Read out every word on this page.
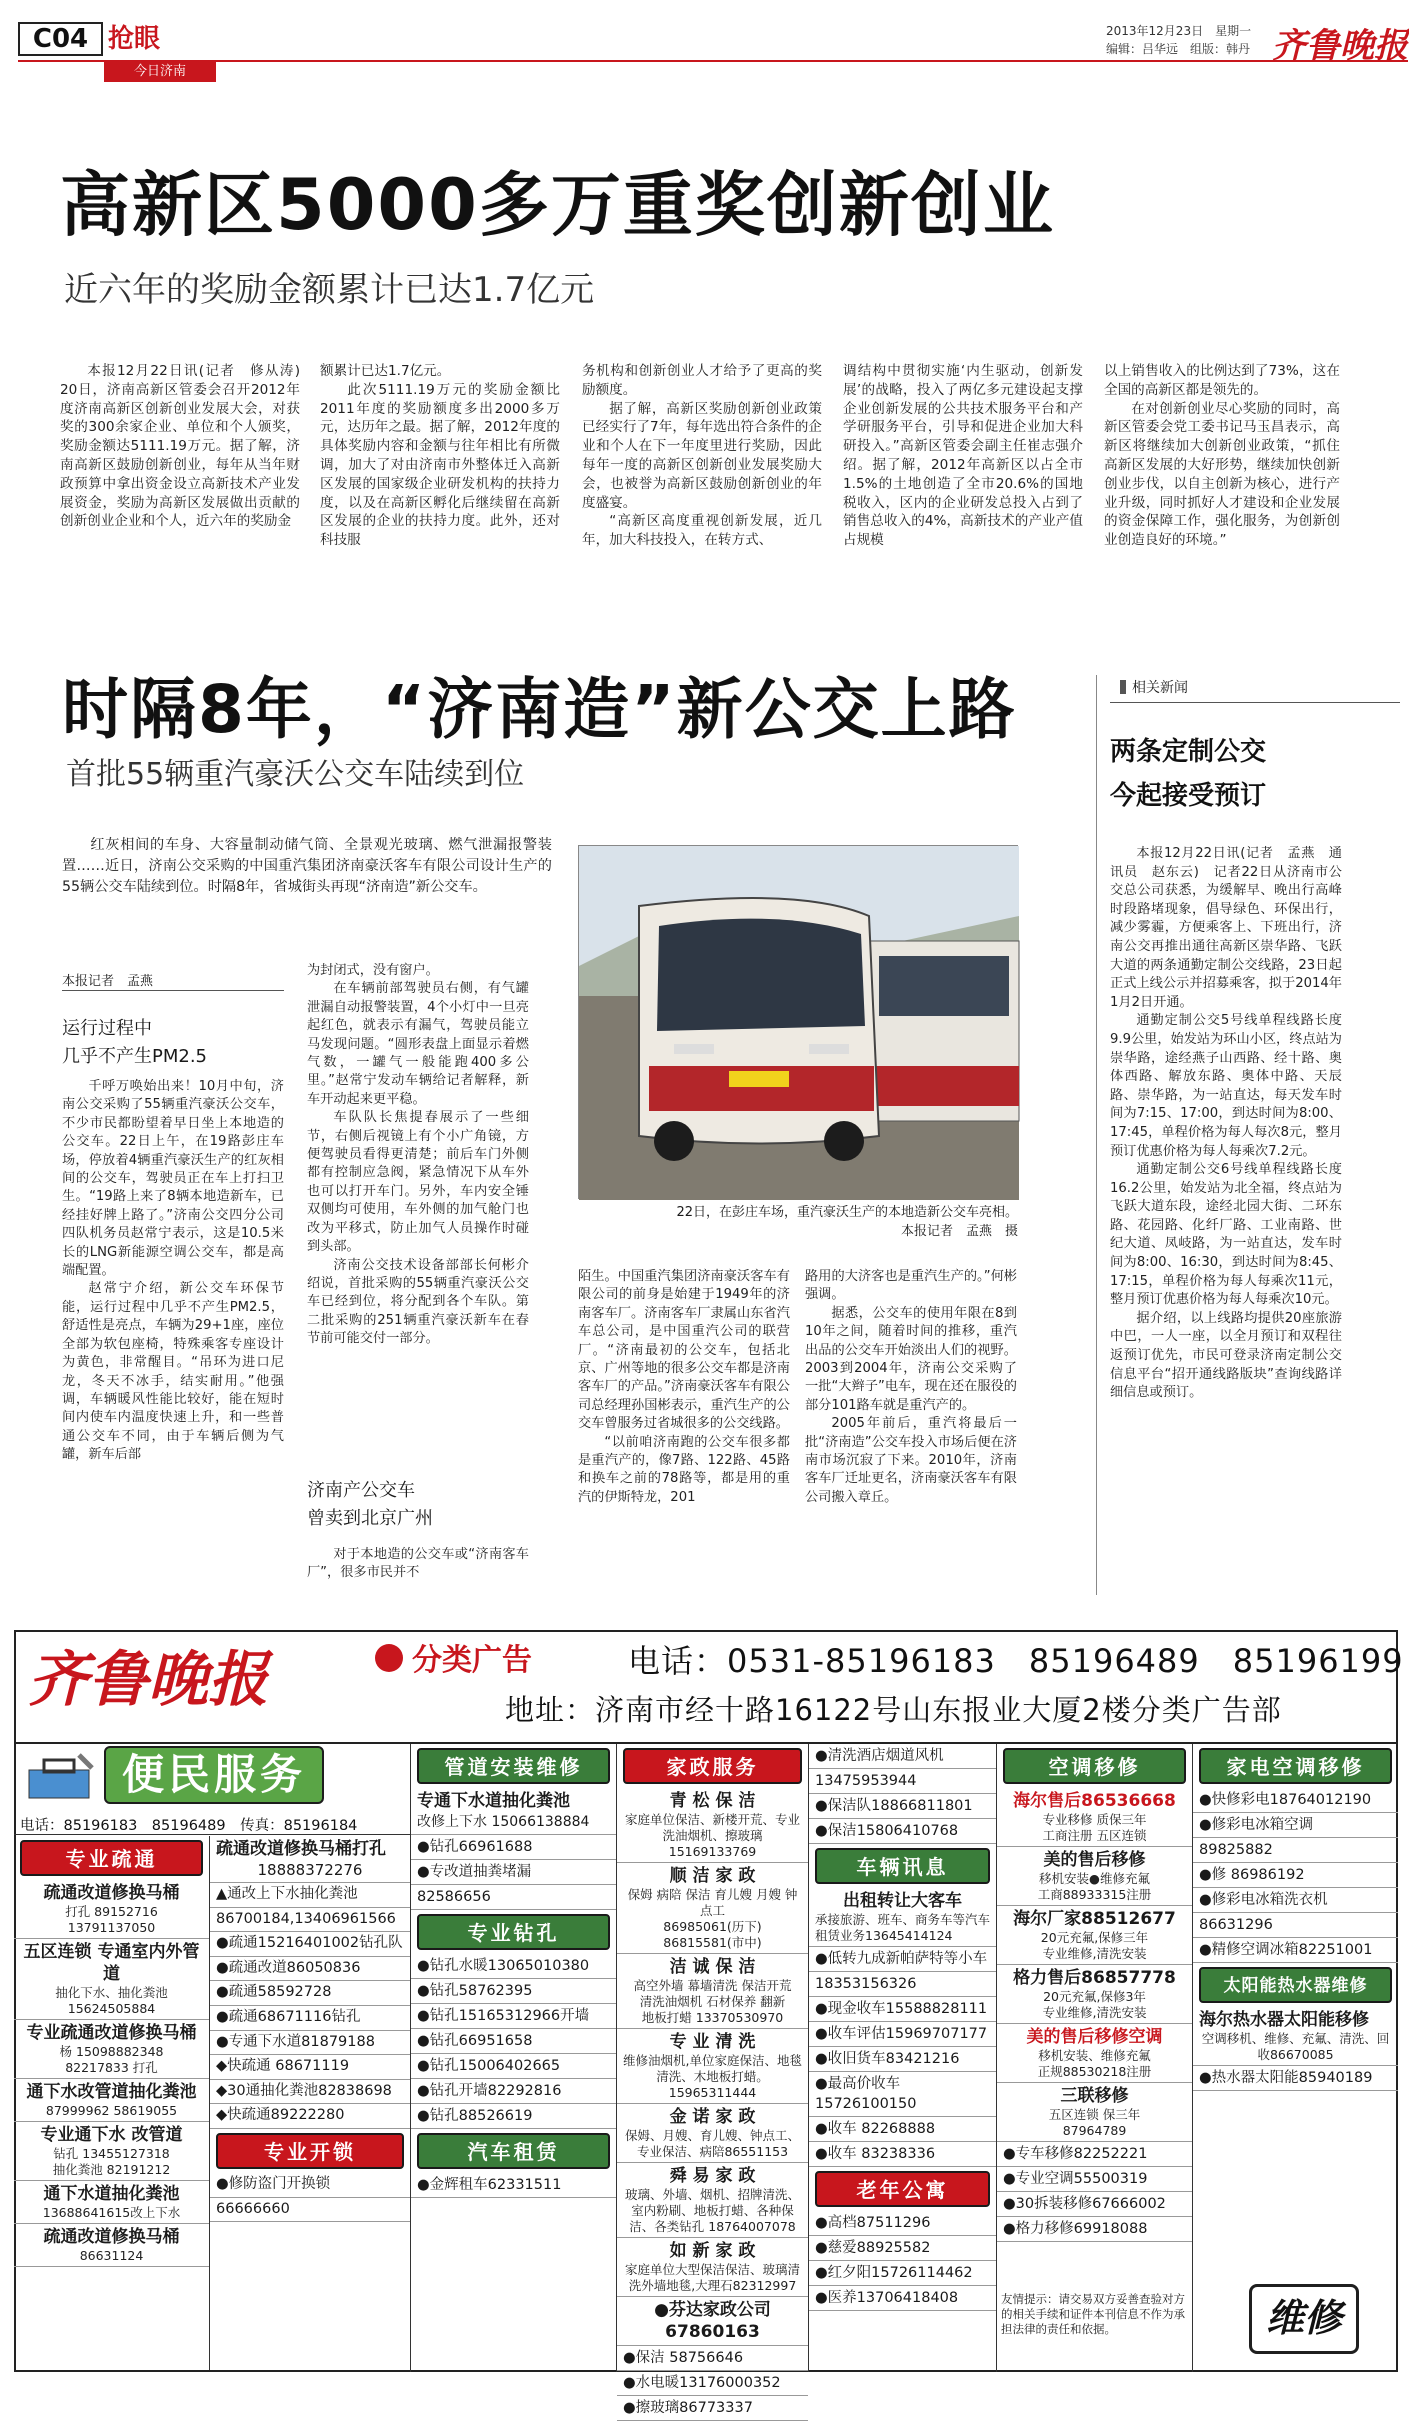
C04 抢眼
今日济南
2013年12月23日　星期一
编辑：吕华远　组版：韩丹 齐鲁晚报
高新区5000多万重奖创新创业
近六年的奖励金额累计已达1.7亿元

本报12月22日讯(记者　修从涛)　20日，济南高新区管委会召开2012年度济南高新区创新创业发展大会，对获奖的300余家企业、单位和个人颁奖，奖励金额达5111.19万元。据了解，济南高新区鼓励创新创业，每年从当年财政预算中拿出资金设立高新技术产业发展资金，奖励为高新区发展做出贡献的创新创业企业和个人，近六年的奖励金

额累计已达1.7亿元。

此次5111.19万元的奖励金额比2011年度的奖励额度多出2000多万元，达历年之最。据了解，2012年度的具体奖励内容和金额与往年相比有所微调，加大了对由济南市外整体迁入高新区发展的国家级企业研发机构的扶持力度，以及在高新区孵化后继续留在高新区发展的企业的扶持力度。此外，还对科技服

务机构和创新创业人才给予了更高的奖励额度。

据了解，高新区奖励创新创业政策已经实行了7年，每年选出符合条件的企业和个人在下一年度里进行奖励，因此每年一度的高新区创新创业发展奖励大会，也被誉为高新区鼓励创新创业的年度盛宴。

“高新区高度重视创新发展，近几年，加大科技投入，在转方式、

调结构中贯彻实施‘内生驱动，创新发展’的战略，投入了两亿多元建设起支撑企业创新发展的公共技术服务平台和产学研服务平台，引导和促进企业加大科研投入。”高新区管委会副主任崔志强介绍。据了解，2012年高新区以占全市1.5%的土地创造了全市20.6%的国地税收入，区内的企业研发总投入占到了销售总收入的4%，高新技术的产业产值占规模

以上销售收入的比例达到了73%，这在全国的高新区都是领先的。

在对创新创业尽心奖励的同时，高新区管委会党工委书记马玉昌表示，高新区将继续加大创新创业政策，“抓住高新区发展的大好形势，继续加快创新创业步伐，以自主创新为核心，进行产业升级，同时抓好人才建设和企业发展的资金保障工作，强化服务，为创新创业创造良好的环境。”

时隔8年，“济南造”新公交上路
首批55辆重汽豪沃公交车陆续到位

红灰相间的车身、大容量制动储气筒、全景观光玻璃、燃气泄漏报警装置……近日，济南公交采购的中国重汽集团济南豪沃客车有限公司设计生产的55辆公交车陆续到位。时隔8年，省城街头再现“济南造”新公交车。

本报记者　孟燕
运行过程中
几乎不产生PM2.5

千呼万唤始出来！10月中旬，济南公交采购了55辆重汽豪沃公交车，不少市民都盼望着早日坐上本地造的公交车。22日上午，在19路彭庄车场，停放着4辆重汽豪沃生产的红灰相间的公交车，驾驶员正在车上打扫卫生。“19路上来了8辆本地造新车，已经挂好牌上路了。”济南公交四分公司四队机务员赵常宁表示，这是10.5米长的LNG新能源空调公交车，都是高端配置。

赵常宁介绍，新公交车环保节能，运行过程中几乎不产生PM2.5，舒适性是亮点，车辆为29+1座，座位全部为软包座椅，特殊乘客专座设计为黄色，非常醒目。“吊环为进口尼龙，冬天不冰手，结实耐用。”他强调，车辆暖风性能比较好，能在短时间内使车内温度快速上升，和一些普通公交车不同，由于车辆后侧为气罐，新车后部

为封闭式，没有窗户。

在车辆前部驾驶员右侧，有气罐泄漏自动报警装置，4个小灯中一旦亮起红色，就表示有漏气，驾驶员能立马发现问题。“圆形表盘上面显示着燃气数，一罐气一般能跑400多公里。”赵常宁发动车辆给记者解释，新车开动起来更平稳。

车队队长焦提春展示了一些细节，右侧后视镜上有个小广角镜，方便驾驶员看得更清楚；前后车门外侧都有控制应急阀，紧急情况下从车外也可以打开车门。另外，车内安全锤双侧均可使用，车外侧的加气舱门也改为平移式，防止加气人员操作时碰到头部。

济南公交技术设备部部长何彬介绍说，首批采购的55辆重汽豪沃公交车已经到位，将分配到各个车队。第二批采购的251辆重汽豪沃新车在春节前可能交付一部分。

济南产公交车
曾卖到北京广州

对于本地造的公交车或“济南客车厂”，很多市民并不

22日，在彭庄车场，重汽豪沃生产的本地造新公交车亮相。
本报记者　孟燕　摄

陌生。中国重汽集团济南豪沃客车有限公司的前身是始建于1949年的济南客车厂。济南客车厂隶属山东省汽车总公司，是中国重汽公司的联营厂。“济南最初的公交车，包括北京、广州等地的很多公交车都是济南客车厂的产品。”济南豪沃客车有限公司总经理孙国彬表示，重汽生产的公交车曾服务过省城很多的公交线路。

“以前咱济南跑的公交车很多都是重汽产的，像7路、122路、45路和换车之前的78路等，都是用的重汽的伊斯特龙，201

路用的大济客也是重汽生产的。”何彬强调。

据悉，公交车的使用年限在8到10年之间，随着时间的推移，重汽出品的公交车开始淡出人们的视野。2003到2004年，济南公交采购了一批“大辫子”电车，现在还在服役的部分101路车就是重汽产的。

2005年前后，重汽将最后一批“济南造”公交车投入市场后便在济南市场沉寂了下来。2010年，济南客车厂迁址更名，济南豪沃客车有限公司搬入章丘。

相关新闻
两条定制公交
今起接受预订

本报12月22日讯(记者　孟燕　通讯员　赵东云)　记者22日从济南市公交总公司获悉，为缓解早、晚出行高峰时段路堵现象，倡导绿色、环保出行，减少雾霾，方便乘客上、下班出行，济南公交再推出通往高新区崇华路、飞跃大道的两条通勤定制公交线路，23日起正式上线公示并招募乘客，拟于2014年1月2日开通。

通勤定制公交5号线单程线路长度9.9公里，始发站为环山小区，终点站为崇华路，途经燕子山西路、经十路、奥体西路、解放东路、奥体中路、天辰路、崇华路，为一站直达，每天发车时间为7:15、17:00，到达时间为8:00、17:45，单程价格为每人每次8元，整月预订优惠价格为每人每乘次7.2元。

通勤定制公交6号线单程线路长度16.2公里，始发站为北全福，终点站为飞跃大道东段，途经北园大街、二环东路、花园路、化纤厂路、工业南路、世纪大道、凤岐路，为一站直达，发车时间为8:00、16:30，到达时间为8:45、17:15，单程价格为每人每乘次11元，整月预订优惠价格为每人每乘次10元。

据介绍，以上线路均提供20座旅游中巴，一人一座，以全月预订和双程往返预订优先，市民可登录济南定制公交信息平台“招开通线路版块”查询线路详细信息或预订。

齐鲁晚报	分类广告	电话：0531-85196183　85196489　85196199
地址：济南市经十路16122号山东报业大厦2楼分类广告部
便民服务
电话：85196183　85196489　传真：85196184
专业疏通
疏通改道修换马桶
打孔 89152716
13791137050
五区连锁 专通室内外管道
抽化下水、抽化粪池
15624505884
专业疏通改道修换马桶
杨 15098882348
82217833 打孔
通下水改管道抽化粪池
87999962 58619055
专业通下水 改管道
钻孔 13455127318
抽化粪池 82191212
通下水道抽化粪池
13688641615改上下水
疏通改道修换马桶
86631124
疏通改道修换马桶打孔
18888372276
▲通改上下水抽化粪池
86700184,13406961566
●疏通15216401002钻孔队
●疏通改道86050836
●疏通58592728
●疏通68671116钻孔
●专通下水道81879188
◆快疏通 68671119
◆30通抽化粪池82838698
◆快疏通89222280
专业开锁
●修防盗门开换锁
66666660
管道安装维修
专通下水道抽化粪池
改修上下水 15066138884
●钻孔66961688
●专改道抽粪堵漏
82586656
专业钻孔
●钻孔水暖13065010380
●钻孔58762395
●钻孔15165312966开墙
●钻孔66951658
●钻孔15006402665
●钻孔开墙82292816
●钻孔88526619
汽车租赁
●金辉租车62331511
家政服务
青 松 保 洁
家庭单位保洁、新楼开荒、专业洗油烟机、擦玻璃15169133769
顺 洁 家 政
保姆 病陪 保洁 育儿嫂 月嫂 钟点工
86985061(历下) 86815581(市中)
洁 诚 保 洁
高空外墙 幕墙清洗 保洁开荒
清洗油烟机 石材保养 翻新
地板打蜡 13370530970
专 业 清 洗
维修油烟机,单位家庭保洁、地毯清洗、木地板打蜡。
15965311444
金 诺 家 政
保姆、月嫂、育儿嫂、钟点工、专业保洁、病陪86551153
舜 易 家 政
玻璃、外墙、烟机、招牌清洗、室内粉刷、地板打蜡、各种保洁、各类钻孔 18764007078
如 新 家 政
家庭单位大型保洁保洁、玻璃清洗外墙地毯,大理石82312997
●芬达家政公司67860163
●保洁 58756646
●水电暖13176000352
●擦玻璃86773337
●清洗酒店烟道风机
13475953944
●保洁队18866811801
●保洁15806410768
车辆讯息
出租转让大客车
承接旅游、班车、商务车等汽车租赁业务13645414124
●低转九成新帕萨特等小车
18353156326
●现金收车15588828111
●收车评估15969707177
●收旧货车83421216
●最高价收车15726100150
●收车 82268888
●收车 83238336
老年公寓
●高档87511296
●慈爱88925582
●红夕阳15726114462
●医养13706418408
空调移修
海尔售后86536668
专业移修 质保三年
工商注册 五区连锁
美的售后移修
移机安装●维修充氟
工商88933315注册
海尔厂家88512677
20元充氟,保修三年
专业维修,清洗安装
格力售后86857778
20元充氟,保修3年
专业维修,清洗安装
美的售后移修空调
移机安装、维修充氟
正规88530218注册
三联移修
五区连锁 保三年
87964789
●专车移修82252221
●专业空调55500319
●30拆装移修67666002
●格力移修69918088
友情提示：请交易双方妥善查验对方的相关手续和证件本刊信息不作为承担法律的责任和依据。
家电空调移修
●快修彩电18764012190
●修彩电冰箱空调
89825882
●修 86986192
●修彩电冰箱洗衣机
86631296
●精修空调冰箱82251001
太阳能热水器维修
海尔热水器太阳能移修
空调移机、维修、充氟、清洗、回收86670085
●热水器太阳能85940189
维修
